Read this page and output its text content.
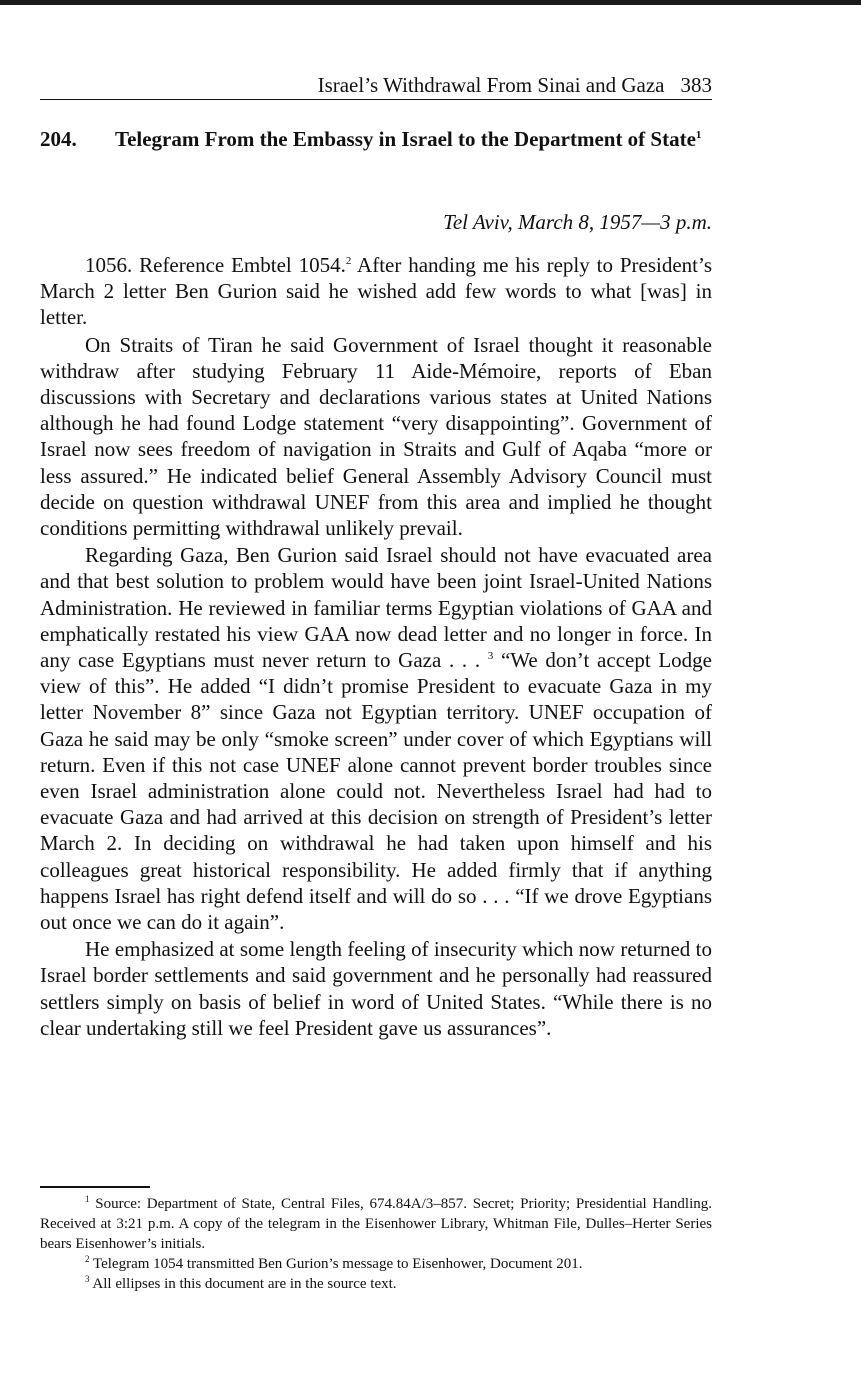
Israel’s Withdrawal From Sinai and Gaza 383
204. Telegram From the Embassy in Israel to the Department of State$^1$
Tel Aviv, March 8, 1957—3 p.m.

1056. Reference Embtel 1054.$^2$ After handing me his reply to President’s March 2 letter Ben Gurion said he wished add few words to what [was] in letter.

On Straits of Tiran he said Government of Israel thought it reasonable withdraw after studying February 11 Aide-Mémoire, reports of Eban discussions with Secretary and declarations various states at United Nations although he had found Lodge statement “very disappointing”. Government of Israel now sees freedom of navigation in Straits and Gulf of Aqaba “more or less assured.” He indicated belief General Assembly Advisory Council must decide on question withdrawal UNEF from this area and implied he thought conditions permitting withdrawal unlikely prevail.

Regarding Gaza, Ben Gurion said Israel should not have evacuated area and that best solution to problem would have been joint Israel-United Nations Administration. He reviewed in familiar terms Egyptian violations of GAA and emphatically restated his view GAA now dead letter and no longer in force. In any case Egyptians must never return to Gaza . . . $^3$ “We don’t accept Lodge view of this”. He added “I didn’t promise President to evacuate Gaza in my letter November 8” since Gaza not Egyptian territory. UNEF occupation of Gaza he said may be only “smoke screen” under cover of which Egyptians will return. Even if this not case UNEF alone cannot prevent border troubles since even Israel administration alone could not. Nevertheless Israel had had to evacuate Gaza and had arrived at this decision on strength of President’s letter March 2. In deciding on withdrawal he had taken upon himself and his colleagues great historical responsibility. He added firmly that if anything happens Israel has right defend itself and will do so . . . “If we drove Egyptians out once we can do it again”.

He emphasized at some length feeling of insecurity which now returned to Israel border settlements and said government and he personally had reassured settlers simply on basis of belief in word of United States. “While there is no clear undertaking still we feel President gave us assurances”.

$^1$ Source: Department of State, Central Files, 674.84A/3–857. Secret; Priority; Presidential Handling. Received at 3:21 p.m. A copy of the telegram in the Eisenhower Library, Whitman File, Dulles–Herter Series bears Eisenhower’s initials.

$^2$ Telegram 1054 transmitted Ben Gurion’s message to Eisenhower, Document 201.

$^3$ All ellipses in this document are in the source text.
